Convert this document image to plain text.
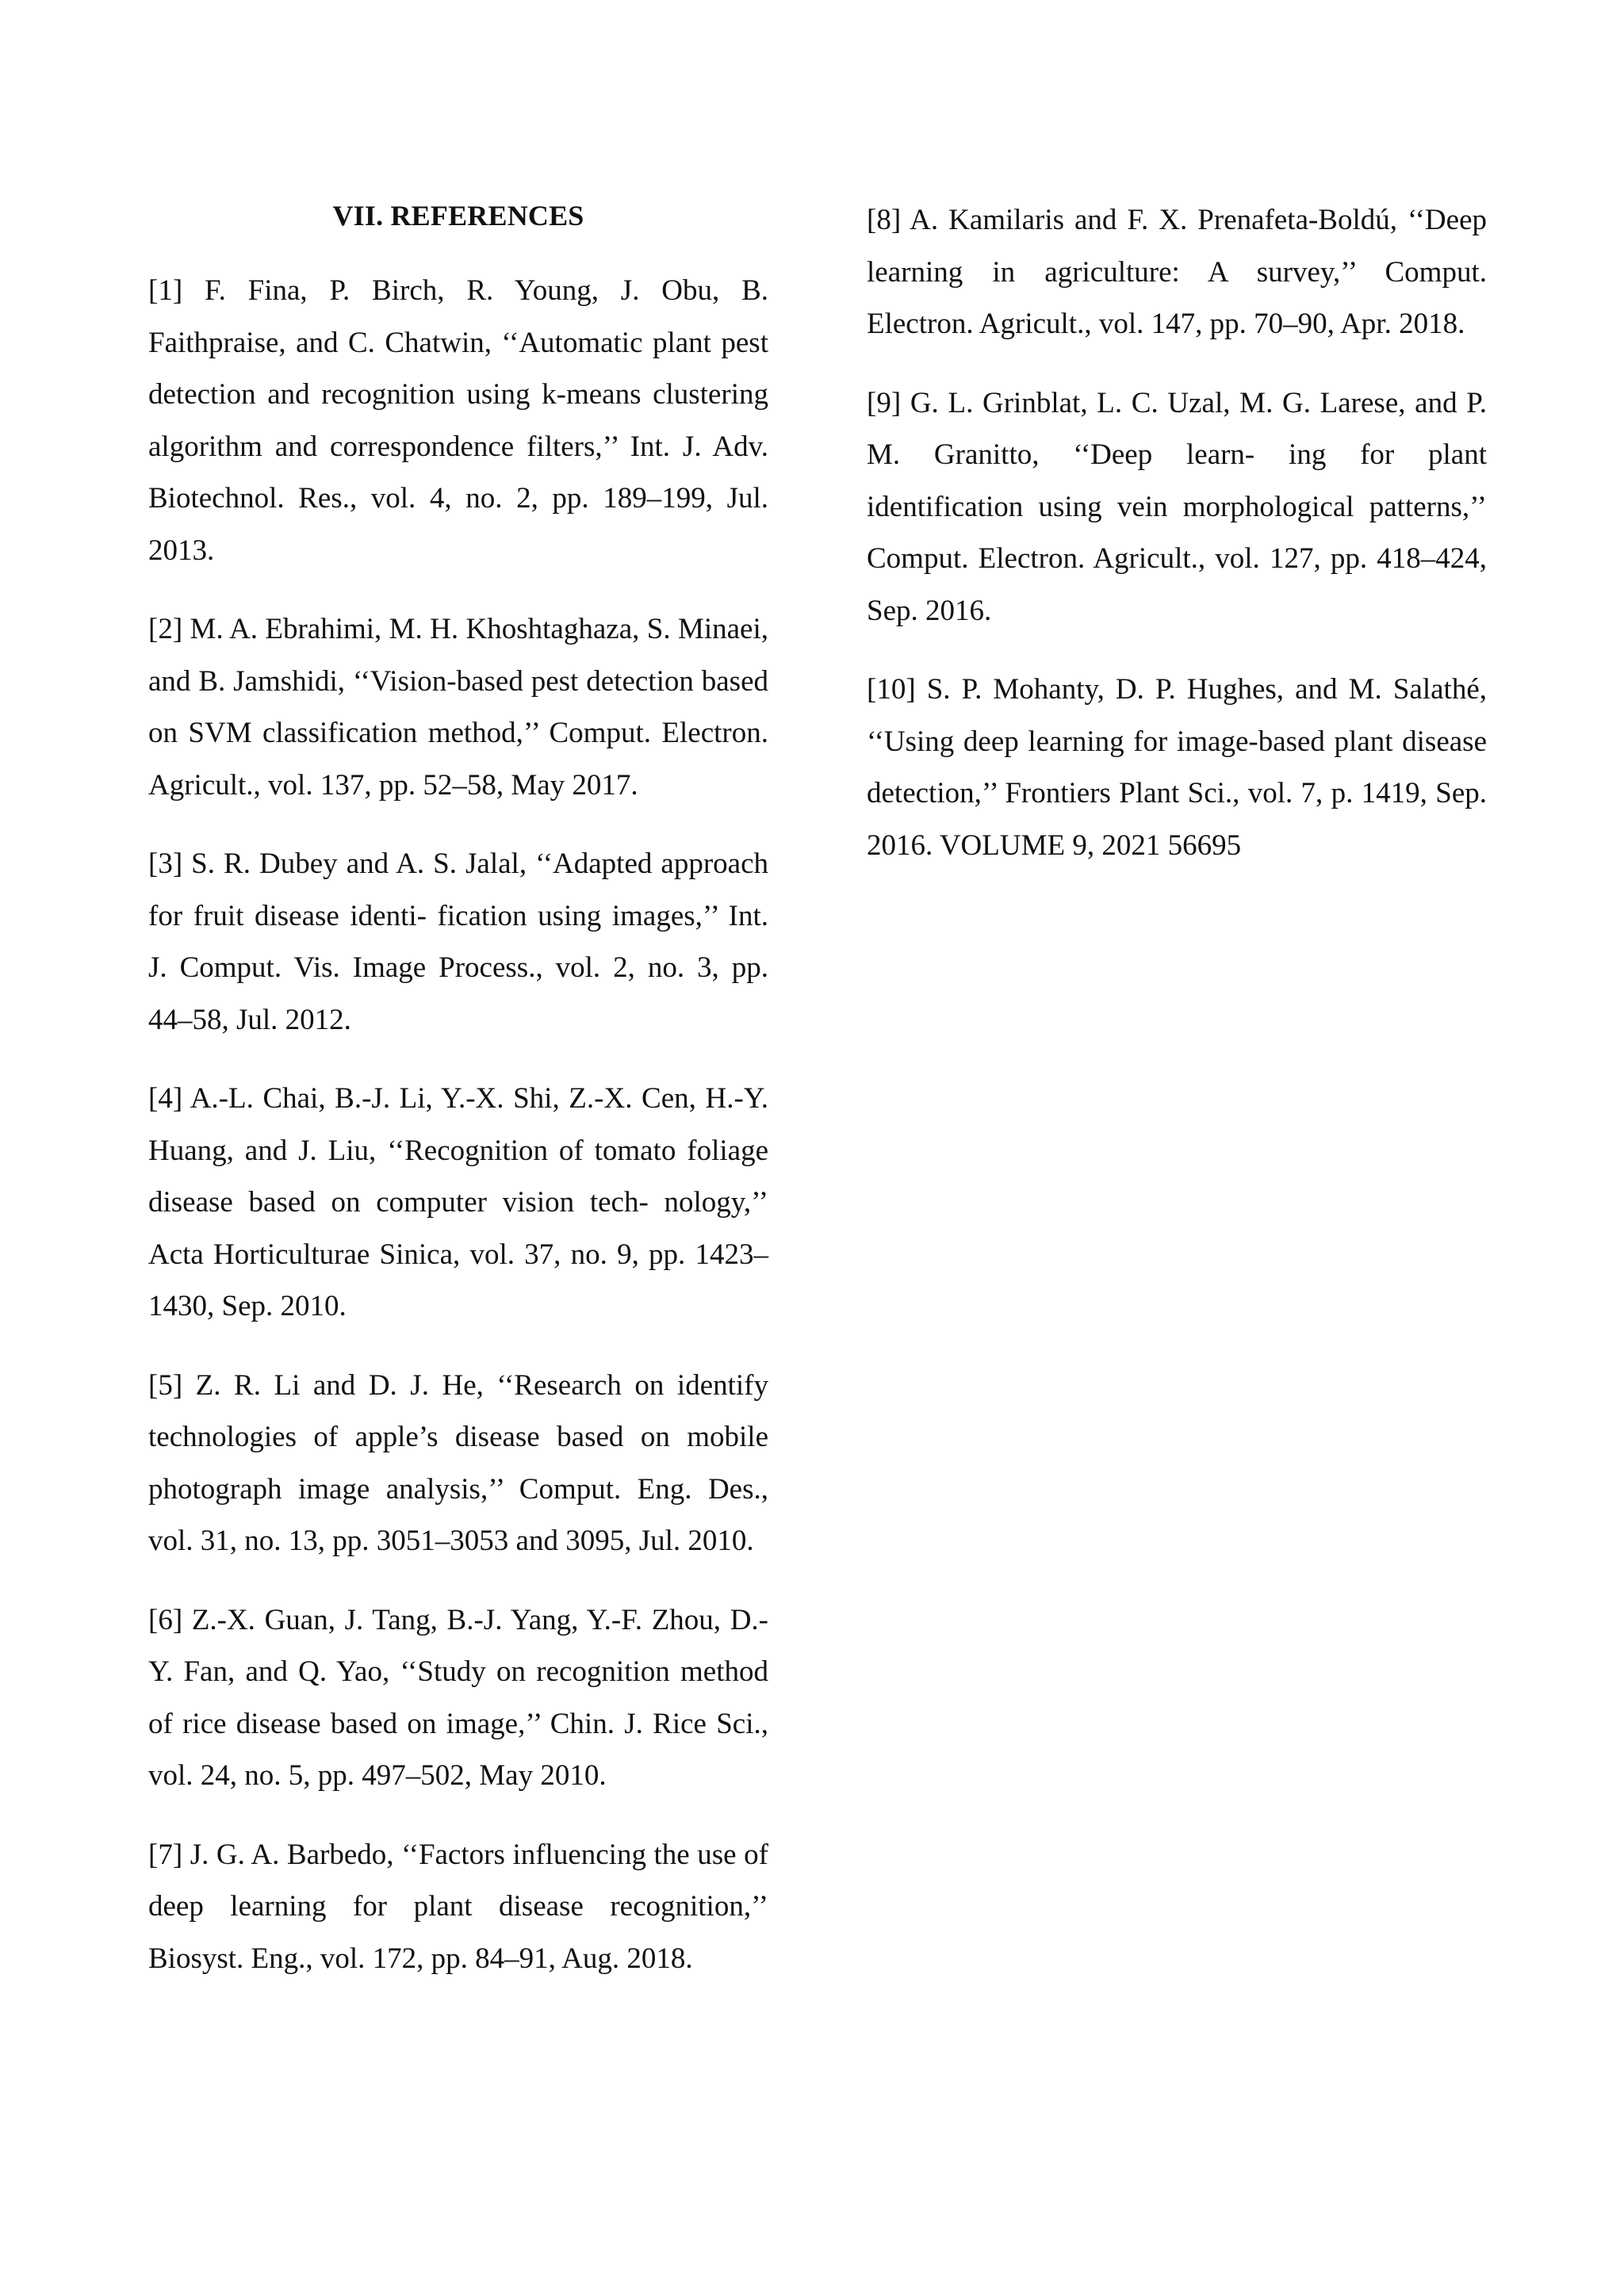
VII. REFERENCES

[1] F. Fina, P. Birch, R. Young, J. Obu, B. Faithpraise, and C. Chatwin, ‘‘Automatic plant pest detection and recognition using k-means clustering algorithm and correspondence filters,’’ Int. J. Adv. Biotechnol. Res., vol. 4, no. 2, pp. 189–199, Jul. 2013.

[2] M. A. Ebrahimi, M. H. Khoshtaghaza, S. Minaei, and B. Jamshidi, ‘‘Vision-based pest detection based on SVM classification method,’’ Comput. Electron. Agricult., vol. 137, pp. 52–58, May 2017.

[3] S. R. Dubey and A. S. Jalal, ‘‘Adapted approach for fruit disease identi- fication using images,’’ Int. J. Comput. Vis. Image Process., vol. 2, no. 3, pp. 44–58, Jul. 2012.

[4] A.-L. Chai, B.-J. Li, Y.-X. Shi, Z.-X. Cen, H.-Y. Huang, and J. Liu, ‘‘Recognition of tomato foliage disease based on computer vision tech- nology,’’ Acta Horticulturae Sinica, vol. 37, no. 9, pp. 1423–1430, Sep. 2010.

[5] Z. R. Li and D. J. He, ‘‘Research on identify technologies of apple’s disease based on mobile photograph image analysis,’’ Comput. Eng. Des., vol. 31, no. 13, pp. 3051–3053 and 3095, Jul. 2010.

[6] Z.-X. Guan, J. Tang, B.-J. Yang, Y.-F. Zhou, D.-Y. Fan, and Q. Yao, ‘‘Study on recognition method of rice disease based on image,’’ Chin. J. Rice Sci., vol. 24, no. 5, pp. 497–502, May 2010.

[7] J. G. A. Barbedo, ‘‘Factors influencing the use of deep learning for plant disease recognition,’’ Biosyst. Eng., vol. 172, pp. 84–91, Aug. 2018.

[8] A. Kamilaris and F. X. Prenafeta-Boldú, ‘‘Deep learning in agriculture: A survey,’’ Comput. Electron. Agricult., vol. 147, pp. 70–90, Apr. 2018.

[9] G. L. Grinblat, L. C. Uzal, M. G. Larese, and P. M. Granitto, ‘‘Deep learn- ing for plant identification using vein morphological patterns,’’ Comput. Electron. Agricult., vol. 127, pp. 418–424, Sep. 2016.

[10] S. P. Mohanty, D. P. Hughes, and M. Salathé, ‘‘Using deep learning for image-based plant disease detection,’’ Frontiers Plant Sci., vol. 7, p. 1419, Sep. 2016. VOLUME 9, 2021 56695
